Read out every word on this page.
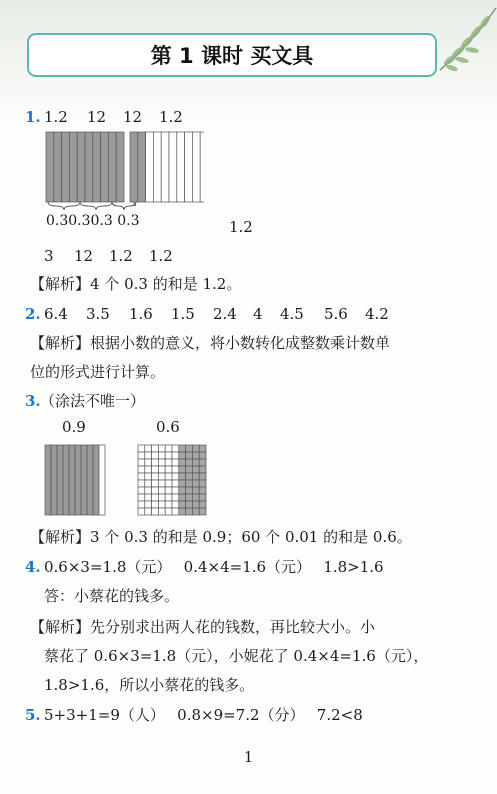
第 1 课时 买文具
1. 1.2 12 12 1.2
0.30.30.3 0.3	1.2
3 12 1.2 1.2
【解析】4 个 0.3 的和是 1.2。
2. 6.4 3.5 1.6 1.5 2.4 4 4.5 5.6 4.2
【解析】根据小数的意义，将小数转化成整数乘计数单
位的形式进行计算。
3. （涂法不唯一）
0.9	0.6
【解析】3 个 0.3 的和是 0.9；60 个 0.01 的和是 0.6。
4. 0.6×3=1.8（元）　 0.4×4=1.6（元）　 1.8>1.6
答：小蔡花的钱多。
【解析】先分别求出两人花的钱数，再比较大小。小
蔡花了 0.6×3=1.8（元），小妮花了 0.4×4=1.6（元），
1.8>1.6，所以小蔡花的钱多。
5. 5+3+1=9（人）　 0.8×9=7.2（分）　 7.2<8
1
